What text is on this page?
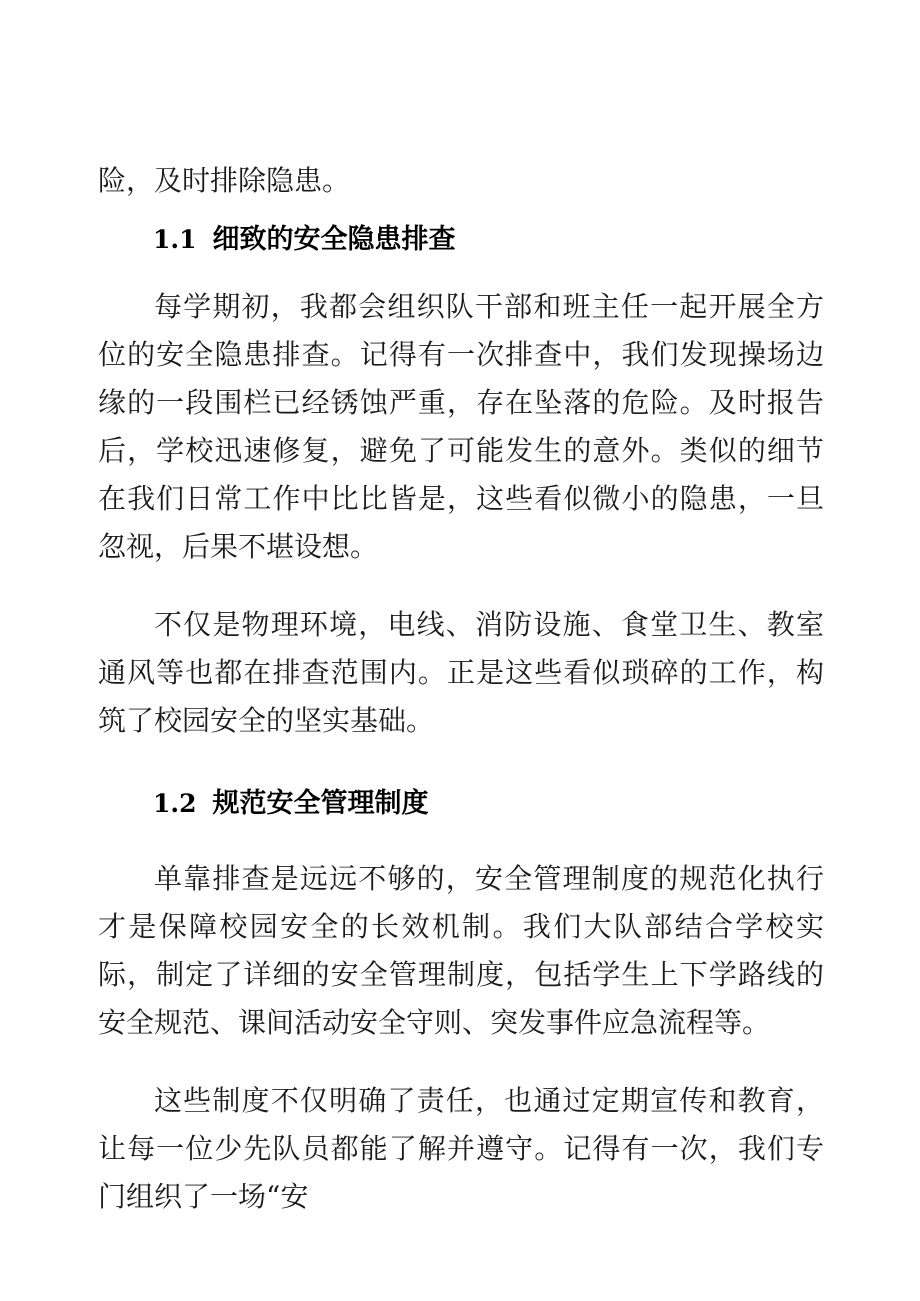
险，及时排除隐患。

1.1 细致的安全隐患排查

每学期初，我都会组织队干部和班主任一起开展全方位的安全隐患排查。记得有一次排查中，我们发现操场边缘的一段围栏已经锈蚀严重，存在坠落的危险。及时报告后，学校迅速修复，避免了可能发生的意外。类似的细节在我们日常工作中比比皆是，这些看似微小的隐患，一旦忽视，后果不堪设想。

不仅是物理环境，电线、消防设施、食堂卫生、教室通风等也都在排查范围内。正是这些看似琐碎的工作，构筑了校园安全的坚实基础。

1.2 规范安全管理制度

单靠排查是远远不够的，安全管理制度的规范化执行才是保障校园安全的长效机制。我们大队部结合学校实际，制定了详细的安全管理制度，包括学生上下学路线的安全规范、课间活动安全守则、突发事件应急流程等。

这些制度不仅明确了责任，也通过定期宣传和教育，让每一位少先队员都能了解并遵守。记得有一次，我们专门组织了一场“安
